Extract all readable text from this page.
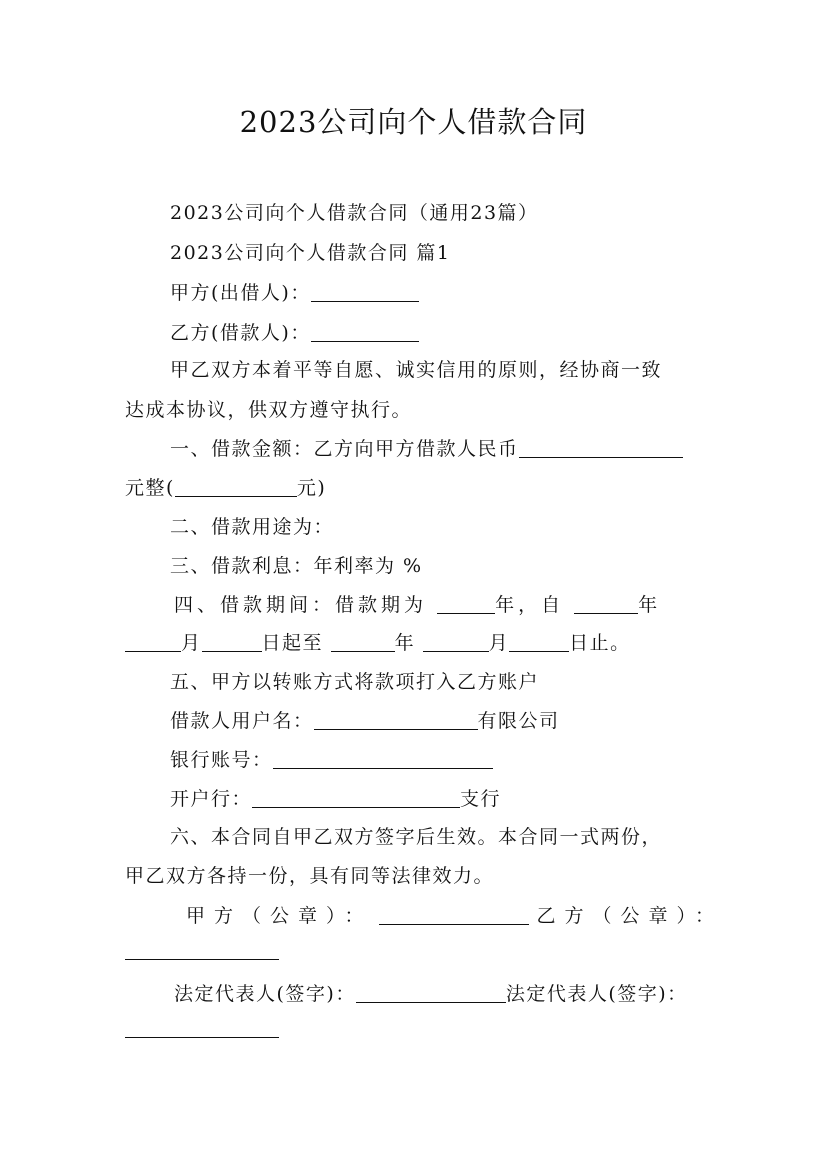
2023公司向个人借款合同
2023公司向个人借款合同（通用23篇）
2023公司向个人借款合同 篇1
甲方(出借人)：
乙方(借款人)：
甲乙双方本着平等自愿、诚实信用的原则，经协商一致
达成本协议，供双方遵守执行。
一、借款金额：乙方向甲方借款人民币
元整(	元)
二、借款用途为：
三、借款利息：年利率为 %
四、借款期间：借款期为	年，自	年
月	日起至	年	月	日止。
五、甲方以转账方式将款项打入乙方账户
借款人用户名：	有限公司
银行账号：
开户行：	支行
六、本合同自甲乙双方签字后生效。本合同一式两份，
甲乙双方各持一份，具有同等法律效力。
甲方（公章）：	乙方（公章）：
法定代表人(签字)：	法定代表人(签字)：
